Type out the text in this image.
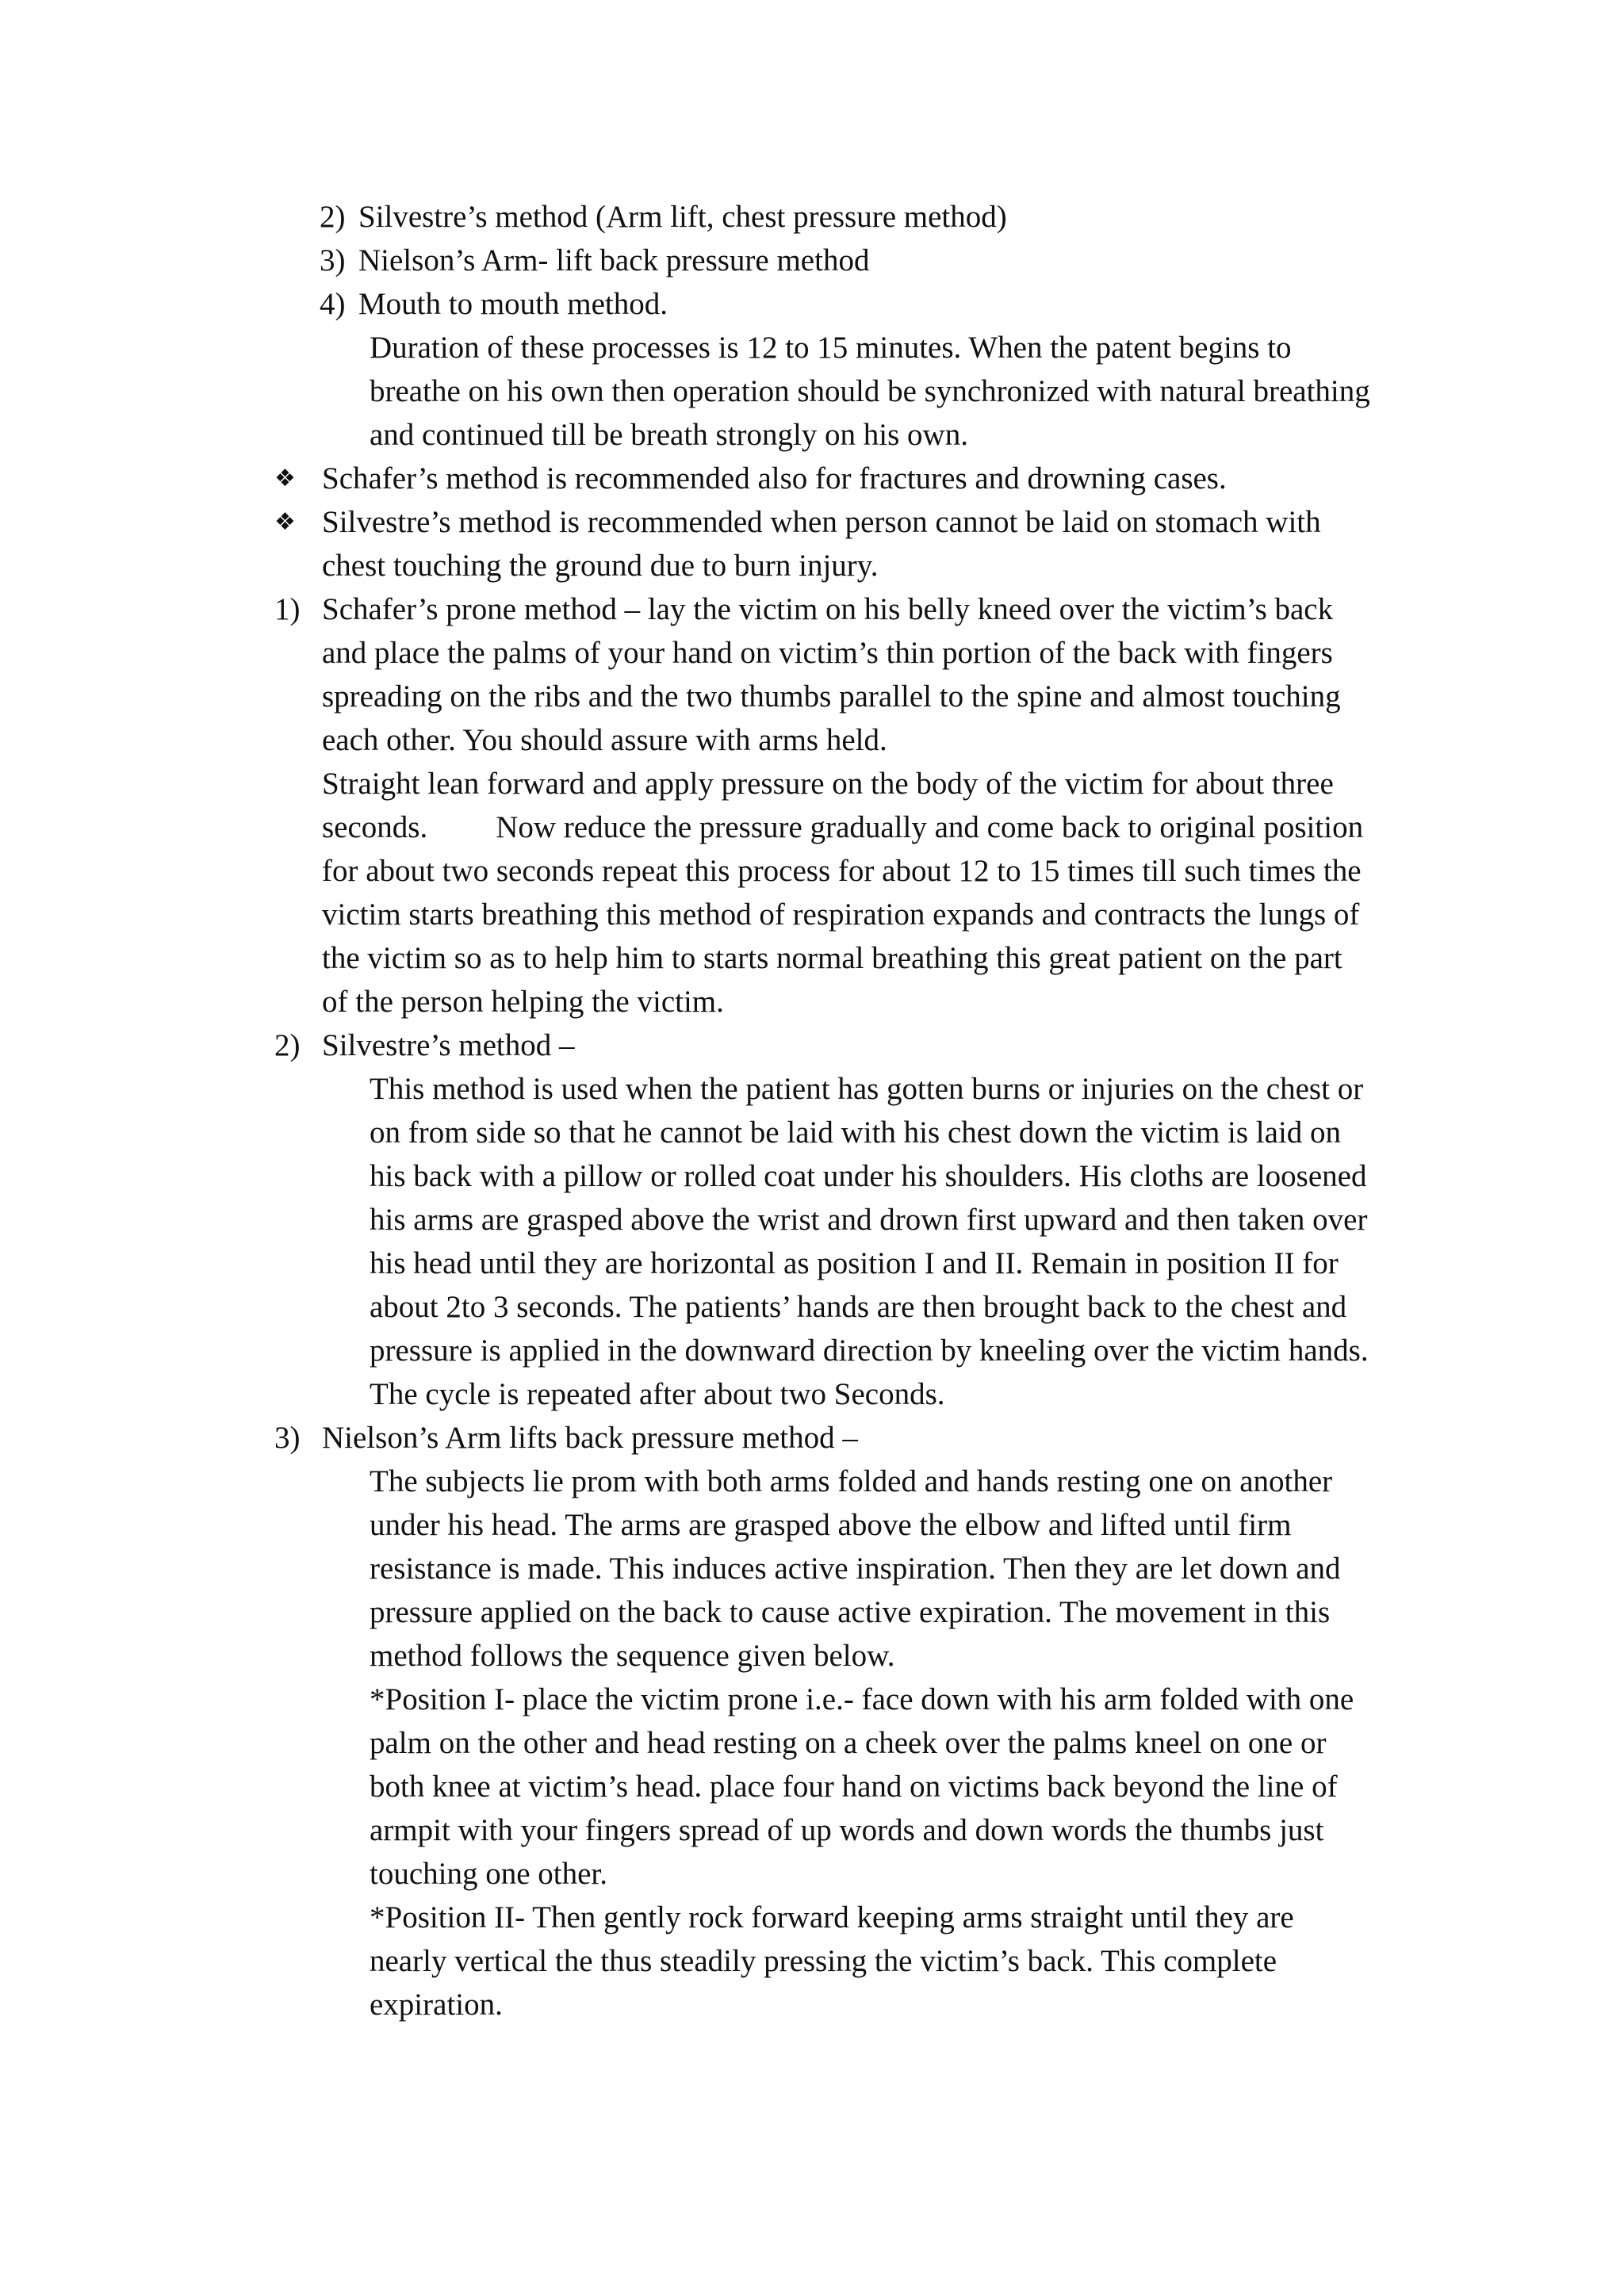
2) Silvestre’s method (Arm lift, chest pressure method)
3) Nielson’s Arm- lift back pressure method
4) Mouth to mouth method.
Duration of these processes is 12 to 15 minutes. When the patent begins to
breathe on his own then operation should be synchronized with natural breathing
and continued till be breath strongly on his own.
❖ Schafer’s method is recommended also for fractures and drowning cases.
❖ Silvestre’s method is recommended when person cannot be laid on stomach with
chest touching the ground due to burn injury.
1) Schafer’s prone method – lay the victim on his belly kneed over the victim’s back
and place the palms of your hand on victim’s thin portion of the back with fingers
spreading on the ribs and the two thumbs parallel to the spine and almost touching
each other. You should assure with arms held.
Straight lean forward and apply pressure on the body of the victim for about three
seconds. Now reduce the pressure gradually and come back to original position
for about two seconds repeat this process for about 12 to 15 times till such times the
victim starts breathing this method of respiration expands and contracts the lungs of
the victim so as to help him to starts normal breathing this great patient on the part
of the person helping the victim.
2) Silvestre’s method –
This method is used when the patient has gotten burns or injuries on the chest or
on from side so that he cannot be laid with his chest down the victim is laid on
his back with a pillow or rolled coat under his shoulders. His cloths are loosened
his arms are grasped above the wrist and drown first upward and then taken over
his head until they are horizontal as position I and II. Remain in position II for
about 2to 3 seconds. The patients’ hands are then brought back to the chest and
pressure is applied in the downward direction by kneeling over the victim hands.
The cycle is repeated after about two Seconds.
3) Nielson’s Arm lifts back pressure method –
The subjects lie prom with both arms folded and hands resting one on another
under his head. The arms are grasped above the elbow and lifted until firm
resistance is made. This induces active inspiration. Then they are let down and
pressure applied on the back to cause active expiration. The movement in this
method follows the sequence given below.
*Position I- place the victim prone i.e.- face down with his arm folded with one
palm on the other and head resting on a cheek over the palms kneel on one or
both knee at victim’s head. place four hand on victims back beyond the line of
armpit with your fingers spread of up words and down words the thumbs just
touching one other.
*Position II- Then gently rock forward keeping arms straight until they are
nearly vertical the thus steadily pressing the victim’s back. This complete
expiration.
